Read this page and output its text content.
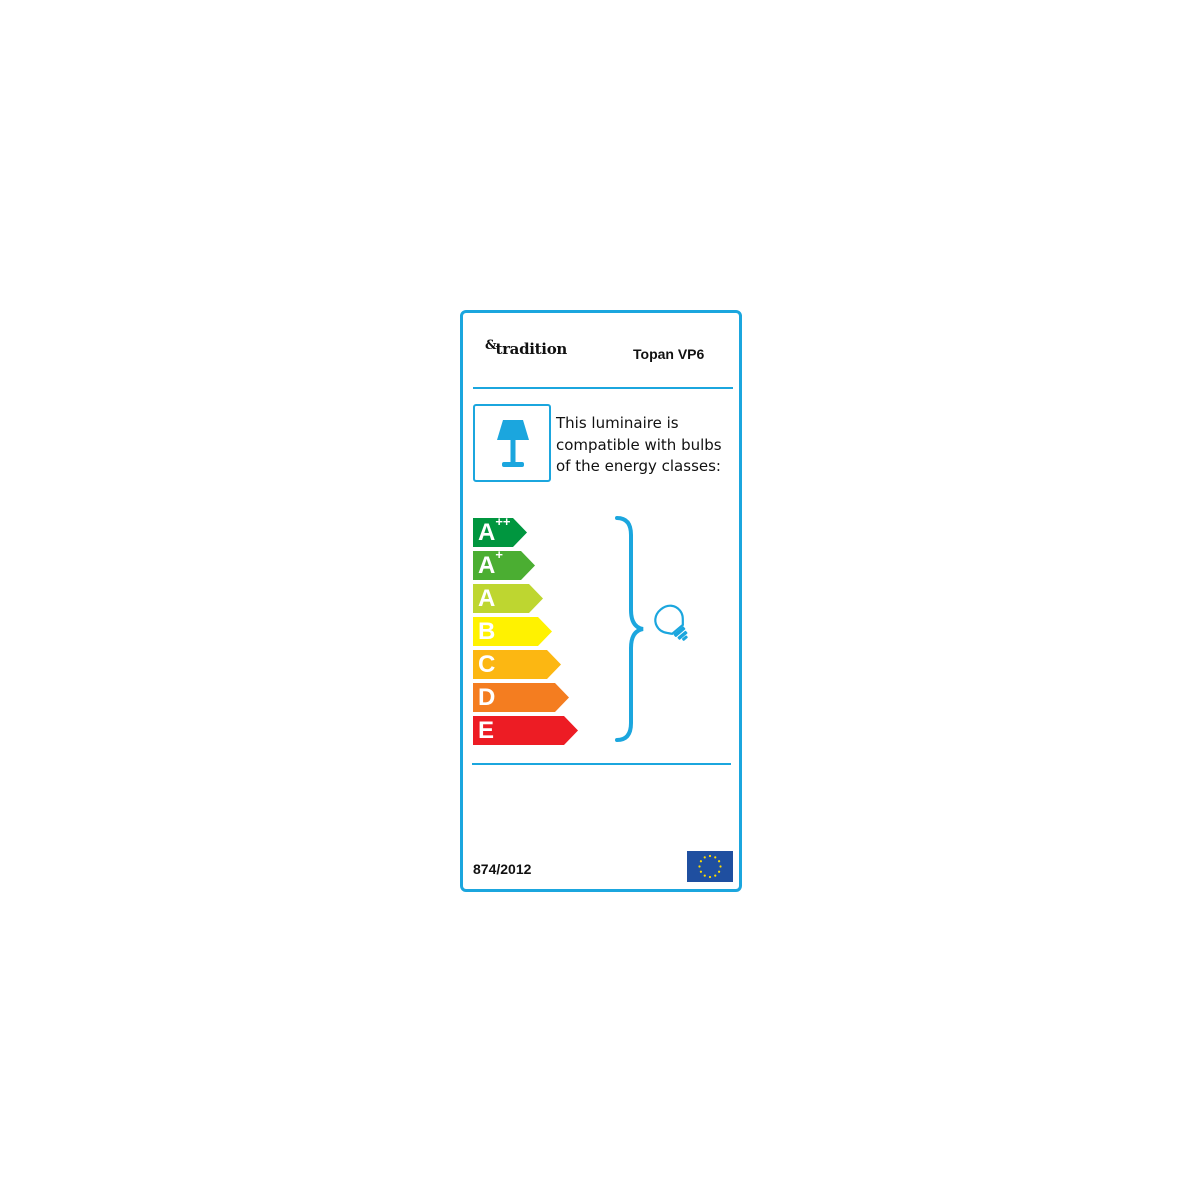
&tradition	Topan VP6
This luminaire is
compatible with bulbs
of the energy classes:
A++
A+
A
B
C
D
E
874/2012
